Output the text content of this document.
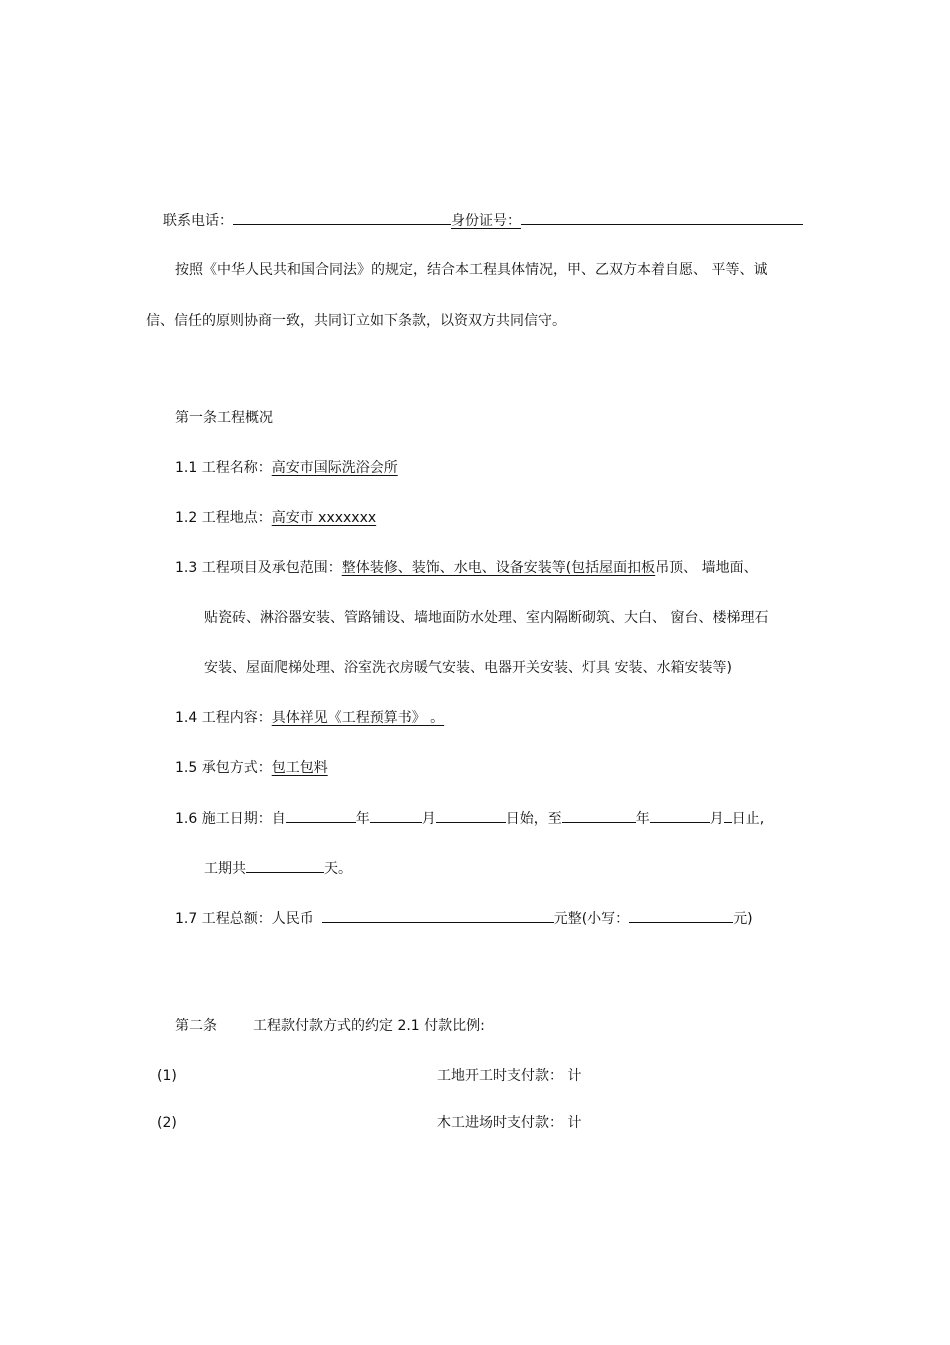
联系电话：	身份证号：
按照《中华人民共和国合同法》的规定，结合本工程具体情况，甲、乙双方本着自愿、 平等、诚
信、信任的原则协商一致，共同订立如下条款，以资双方共同信守。
第一条工程概况
1.1 工程名称：高安市国际洗浴会所
1.2 工程地点：高安市 xxxxxxx
1.3 工程项目及承包范围：整体装修、装饰、水电、设备安装等(包括屋面扣板吊顶、 墙地面、
贴瓷砖、淋浴器安装、管路铺设、墙地面防水处理、室内隔断砌筑、大白、 窗台、楼梯理石
安装、屋面爬梯处理、浴室洗衣房暖气安装、电器开关安装、灯具 安装、水箱安装等)
1.4 工程内容：具体祥见《工程预算书》 。
1.5 承包方式：包工包料
1.6 施工日期：自	年	月	日始，至	年	月 日止,
工期共	天。
1.7 工程总额：人民币	元整(小写：	元)
第二条	工程款付款方式的约定 2.1 付款比例:
(1)	工地开工时支付款： 计
(2)	木工进场时支付款： 计
